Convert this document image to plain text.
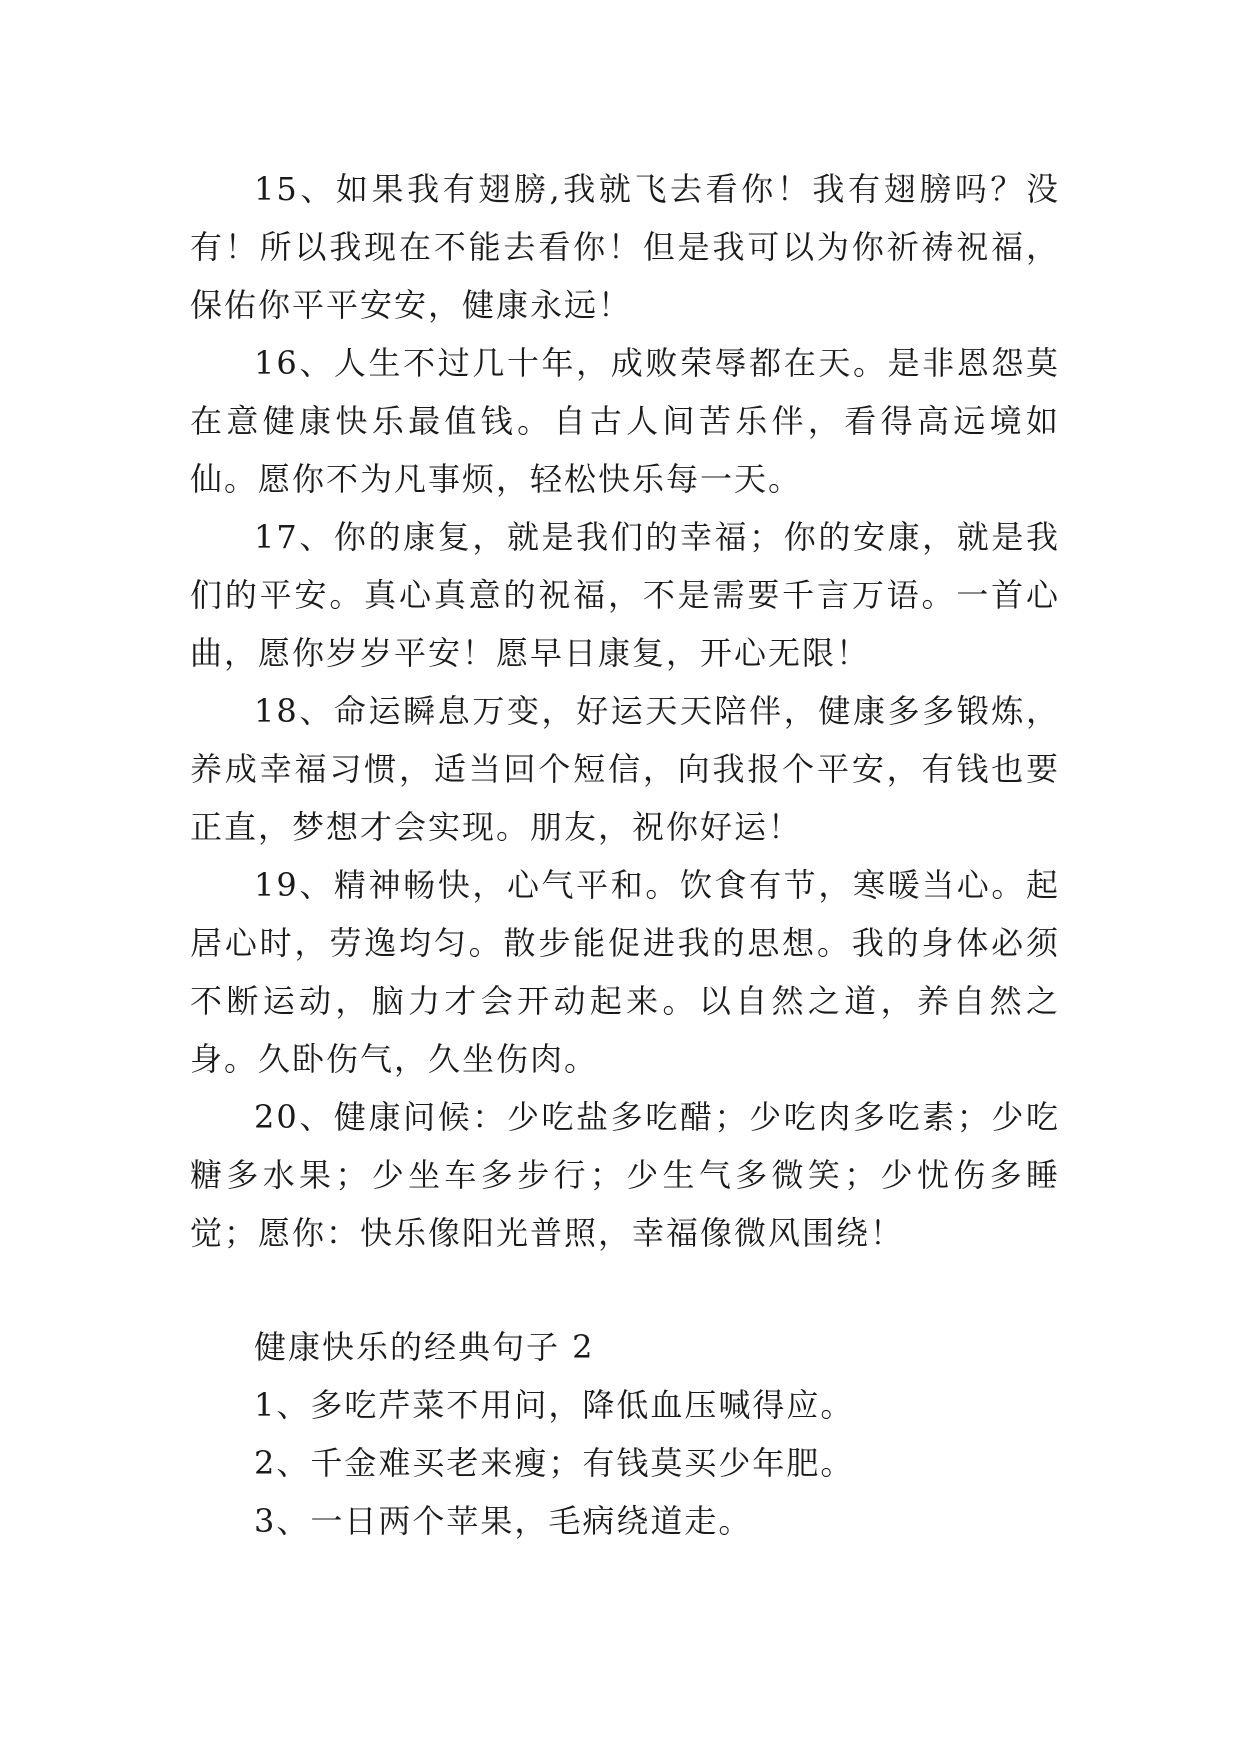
15、如果我有翅膀,我就飞去看你！我有翅膀吗？没有！所以我现在不能去看你！但是我可以为你祈祷祝福，保佑你平平安安，健康永远！

16、人生不过几十年，成败荣辱都在天。是非恩怨莫在意健康快乐最值钱。自古人间苦乐伴，看得高远境如仙。愿你不为凡事烦，轻松快乐每一天。

17、你的康复，就是我们的幸福；你的安康，就是我们的平安。真心真意的祝福，不是需要千言万语。一首心曲，愿你岁岁平安！愿早日康复，开心无限！

18、命运瞬息万变，好运天天陪伴，健康多多锻炼，养成幸福习惯，适当回个短信，向我报个平安，有钱也要正直，梦想才会实现。朋友，祝你好运！

19、精神畅快，心气平和。饮食有节，寒暖当心。起居心时，劳逸均匀。散步能促进我的思想。我的身体必须不断运动，脑力才会开动起来。以自然之道，养自然之身。久卧伤气，久坐伤肉。

20、健康问候：少吃盐多吃醋；少吃肉多吃素；少吃糖多水果；少坐车多步行；少生气多微笑；少忧伤多睡觉；愿你：快乐像阳光普照，幸福像微风围绕！

健康快乐的经典句子 2

1、多吃芹菜不用问，降低血压喊得应。

2、千金难买老来瘦；有钱莫买少年肥。

3、一日两个苹果，毛病绕道走。
